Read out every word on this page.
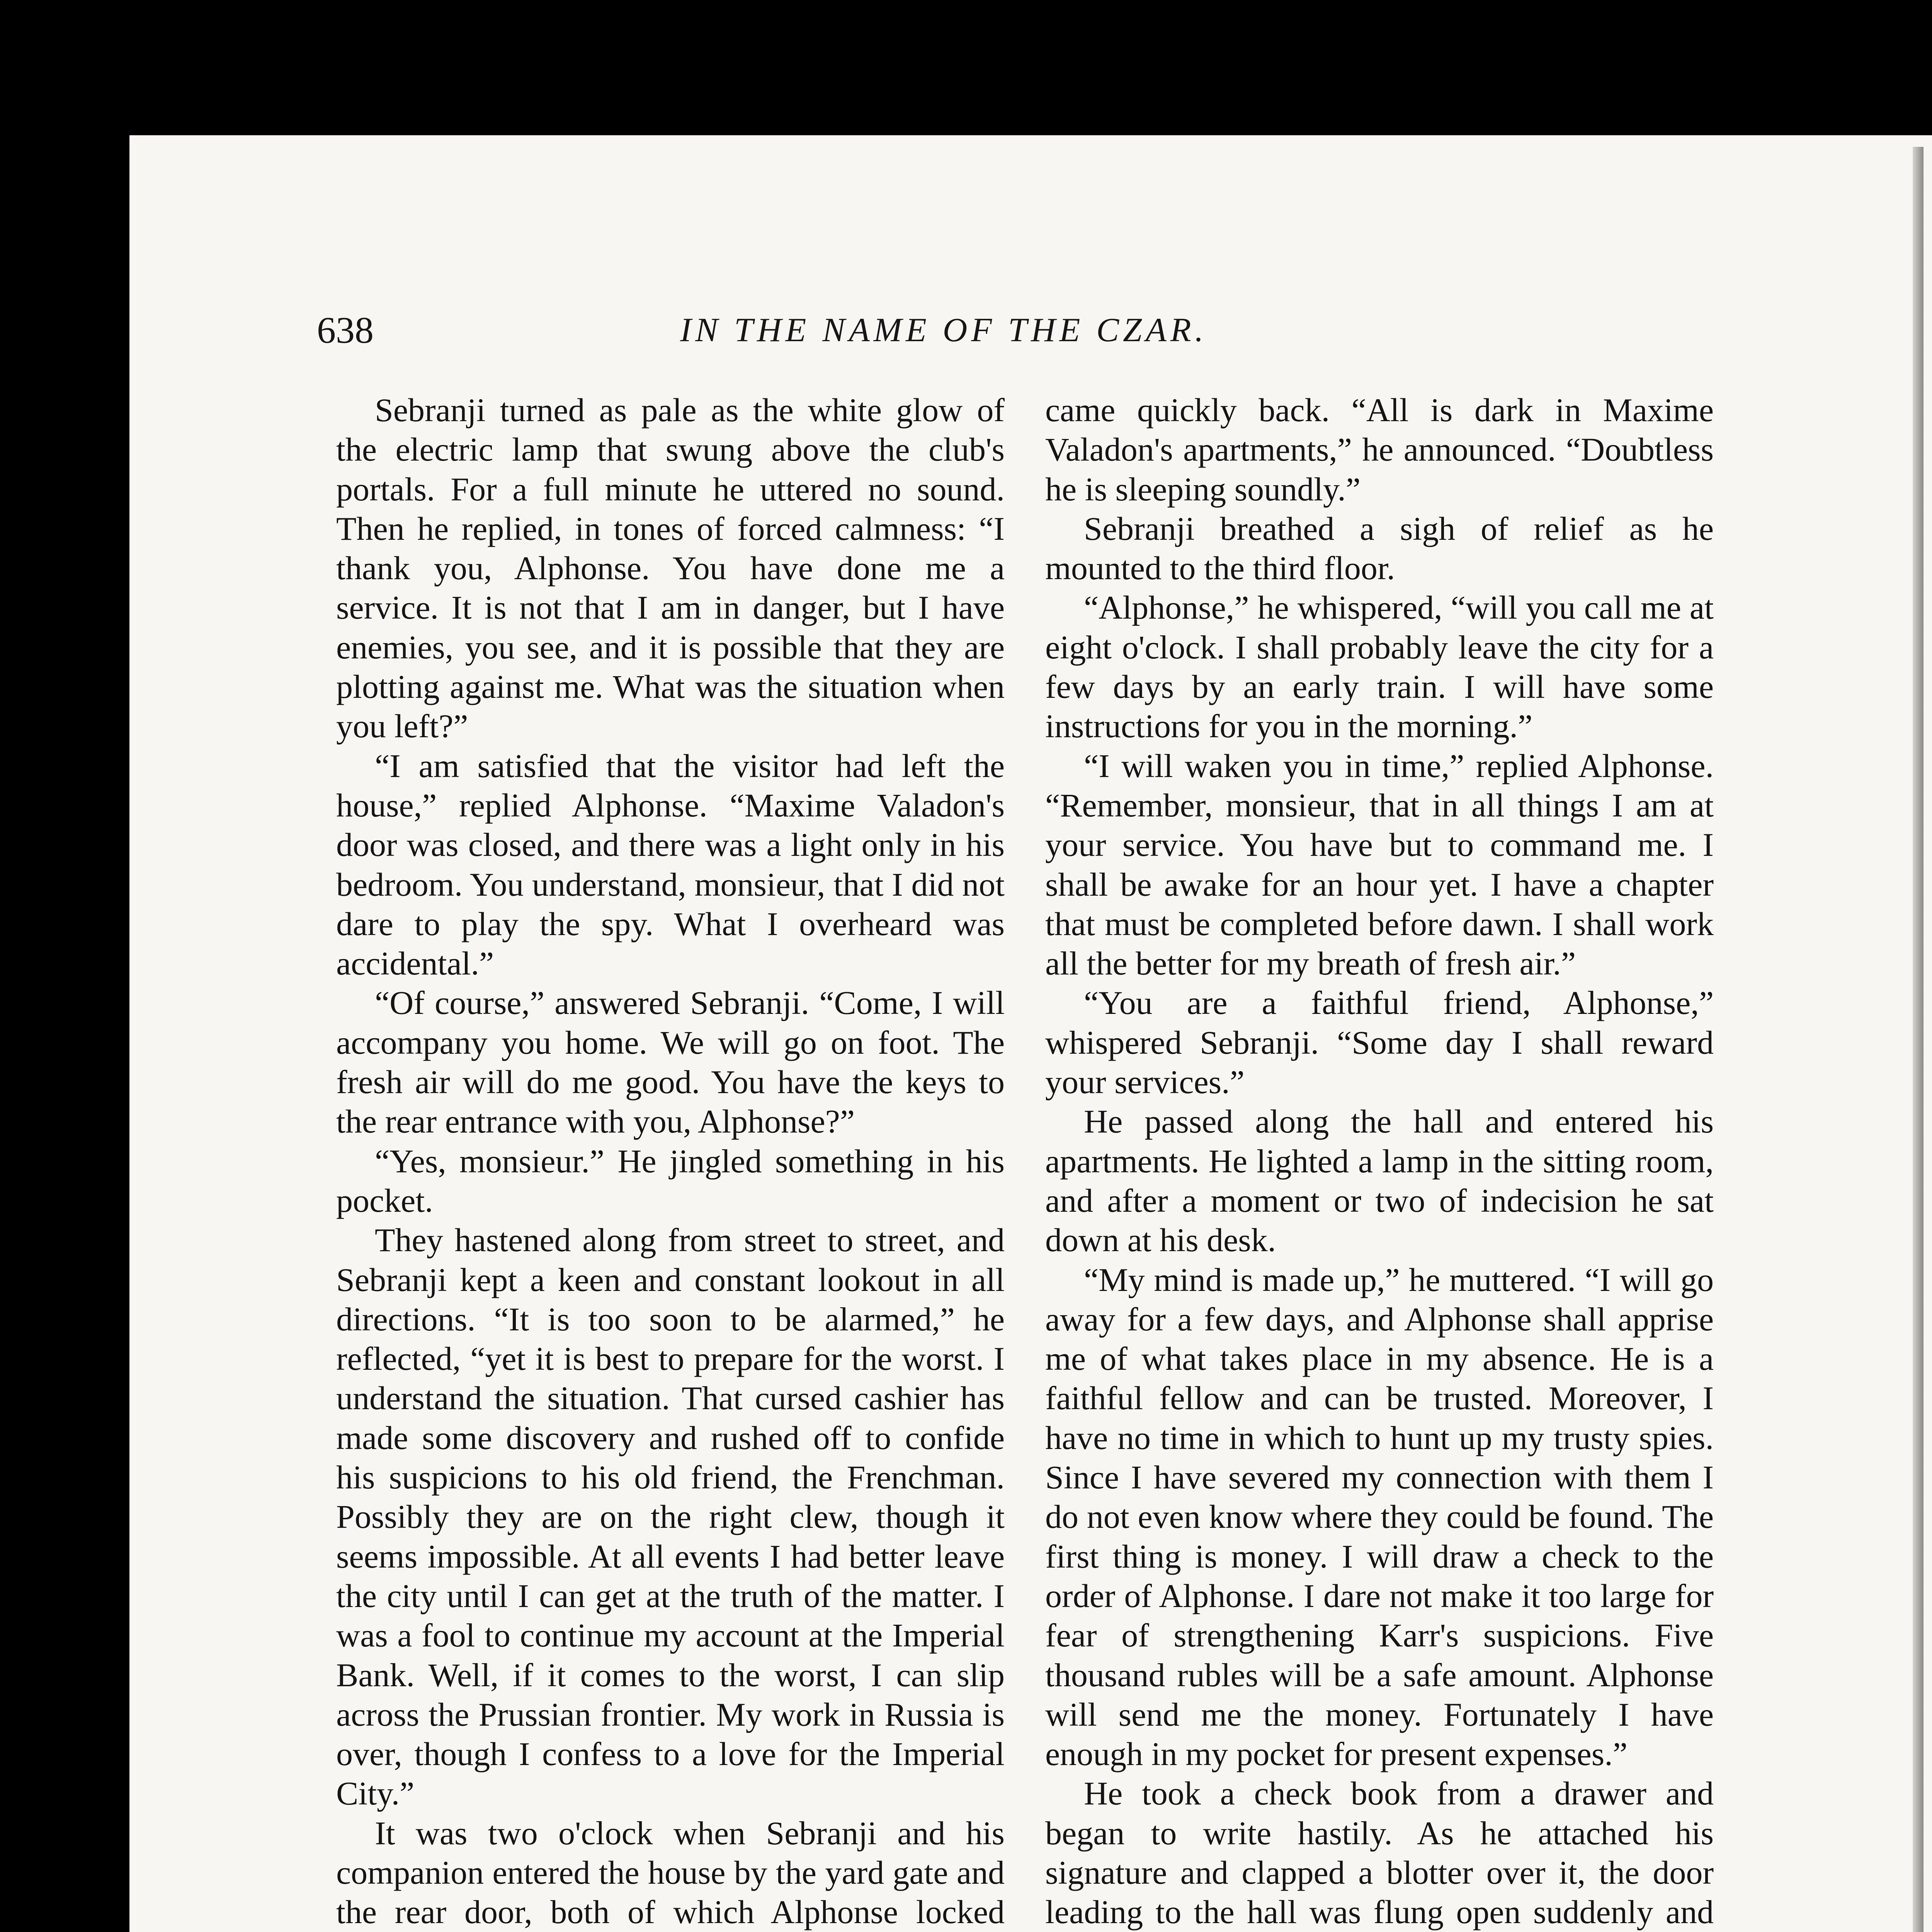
638	IN THE NAME OF THE CZAR.

Sebranji turned as pale as the white glow of the electric lamp that swung above the club's portals. For a full minute he uttered no sound. Then he replied, in tones of forced calmness: “I thank you, Alphonse. You have done me a service. It is not that I am in danger, but I have enemies, you see, and it is possible that they are plotting against me. What was the situation when you left?”

“I am satisfied that the visitor had left the house,” replied Alphonse. “Maxime Valadon's door was closed, and there was a light only in his bedroom. You understand, monsieur, that I did not dare to play the spy. What I overheard was accidental.”

“Of course,” answered Sebranji. “Come, I will accompany you home. We will go on foot. The fresh air will do me good. You have the keys to the rear entrance with you, Alphonse?”

“Yes, monsieur.” He jingled something in his pocket.

They hastened along from street to street, and Sebranji kept a keen and constant lookout in all directions. “It is too soon to be alarmed,” he reflected, “yet it is best to prepare for the worst. I understand the situation. That cursed cashier has made some discovery and rushed off to confide his suspicions to his old friend, the Frenchman. Possibly they are on the right clew, though it seems impossible. At all events I had better leave the city until I can get at the truth of the matter. I was a fool to continue my account at the Imperial Bank. Well, if it comes to the worst, I can slip across the Prussian frontier. My work in Russia is over, though I confess to a love for the Imperial City.”

It was two o'clock when Sebranji and his companion entered the house by the yard gate and the rear door, both of which Alphonse locked

came quickly back. “All is dark in Maxime Valadon's apartments,” he announced. “Doubtless he is sleeping soundly.”

Sebranji breathed a sigh of relief as he mounted to the third floor.

“Alphonse,” he whispered, “will you call me at eight o'clock. I shall probably leave the city for a few days by an early train. I will have some instructions for you in the morning.”

“I will waken you in time,” replied Alphonse. “Remember, monsieur, that in all things I am at your service. You have but to command me. I shall be awake for an hour yet. I have a chapter that must be completed before dawn. I shall work all the better for my breath of fresh air.”

“You are a faithful friend, Alphonse,” whispered Sebranji. “Some day I shall reward your services.”

He passed along the hall and entered his apartments. He lighted a lamp in the sitting room, and after a moment or two of indecision he sat down at his desk.

“My mind is made up,” he muttered. “I will go away for a few days, and Alphonse shall apprise me of what takes place in my absence. He is a faithful fellow and can be trusted. Moreover, I have no time in which to hunt up my trusty spies. Since I have severed my connection with them I do not even know where they could be found. The first thing is money. I will draw a check to the order of Alphonse. I dare not make it too large for fear of strengthening Karr's suspicions. Five thousand rubles will be a safe amount. Alphonse will send me the money. Fortunately I have enough in my pocket for present expenses.”

He took a check book from a drawer and began to write hastily. As he attached his signature and clapped a blotter over it, the door leading to the hall was flung open suddenly and
